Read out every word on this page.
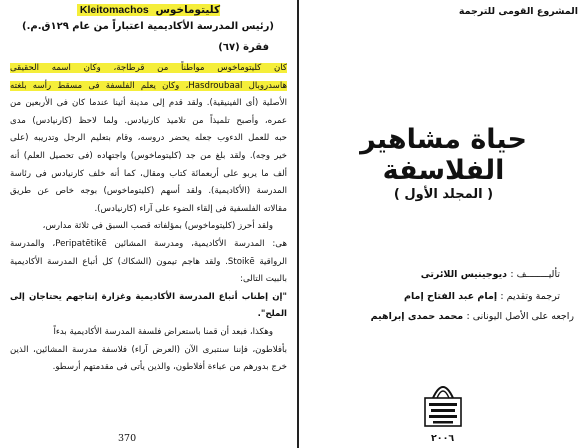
كليتوماخوس Kleitomachos
(رئيس المدرسة الأكاديمية اعتباراً من عام ١٢٩ق.م.)
فقرة (٦٧)
كان كليتوماخوس مواطناً من قرطاجة، وكان اسمه الحقيقى
هاسدروبال Hasdroubaal، وكان يعلم الفلسفة فى مسقط رأسه بلغته
الأصلية (أى الفينيقية). ولقد قدم إلى مدينة أثينا عندما كان فى الأربعين من
عمره، وأصبح تلميذاً من تلاميذ كارنيادس. ولما لاحظ (كارنيادس) مدى
حبه للعمل الدءوب جعله يحضر دروسه، وقام بتعليم الرجل وتدريبه (على
خير وجه). ولقد بلغ من جد (كليتوماخوس) واجتهاده (فى تحصيل العلم) أنه
ألف ما يربو على أربعمائة كتاب ومقال، كما أنه خلف كارنيادس فى رئاسة
المدرسة (الأكاديمية). ولقد أسهم (كليتوماخوس) بوجه خاص عن طريق
مقالاته الفلسفية فى إلقاء الضوء على آراء (كارنيادس).
ولقد أحرز (كليتوماخوس) بمؤلفاته قصب السبق فى ثلاثة مدارس،
هى: المدرسة الأكاديمية، ومدرسة المشائين Peripatētikē، والمدرسة
الرواقية Stoikē. ولقد هاجم تيمون (الشكاك) كل أتباع المدرسة الأكاديمية
بالبيت التالى:
"إن إطناب أتباع المدرسة الأكاديمية وغزارة إنتاجهم يحتاجان إلى
الملح".
وهكذا، فبعد أن قمنا باستعراض فلسفة المدرسة الأكاديمية بدءاً
بأفلاطون، فإننا سنتبرى الآن (العرض آراء) فلاسفة مدرسة المشائين، الذين
خرج بدورهم من عباءة أفلاطون، والذين يأتى فى مقدمتهم أرسطو.
370
المشروع القومى للترجمة
حياة مشاهير الفلاسفة
( المجلد الأول )
تأليــــــــف : ديوجينيس اللائرتى
ترجمة وتقديم : إمام عبد الفتاح إمام
راجعه على الأصل اليونانى : محمد حمدى إبراهيم
٢٠٠٦
